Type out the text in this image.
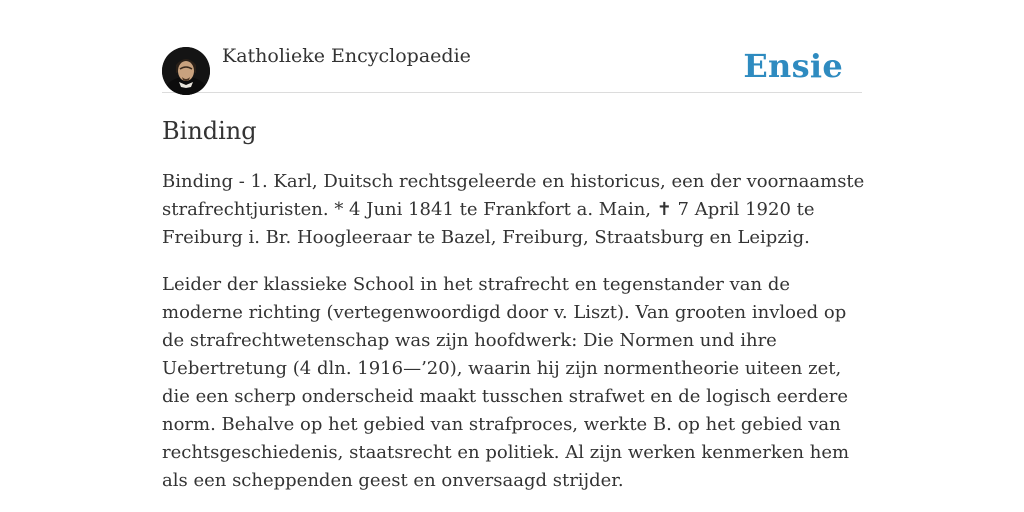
Katholieke Encyclopaedie	Ensie
Binding

Binding - 1. Karl, Duitsch rechtsgeleerde en historicus, een der voornaamste strafrechtjuristen. * 4 Juni 1841 te Frankfort a. Main, ✝ 7 April 1920 te Freiburg i. Br. Hoogleeraar te Bazel, Freiburg, Straatsburg en Leipzig.

Leider der klassieke School in het strafrecht en tegenstander van de moderne richting (vertegenwoordigd door v. Liszt). Van grooten invloed op de strafrechtwetenschap was zijn hoofdwerk: Die Normen und ihre Uebertretung (4 dln. 1916—’20), waarin hij zijn normentheorie uiteen zet, die een scherp onderscheid maakt tusschen strafwet en de logisch eerdere norm. Behalve op het gebied van strafproces, werkte B. op het gebied van rechtsgeschiedenis, staatsrecht en politiek. Al zijn werken kenmerken hem als een scheppenden geest en onversaagd strijder.
